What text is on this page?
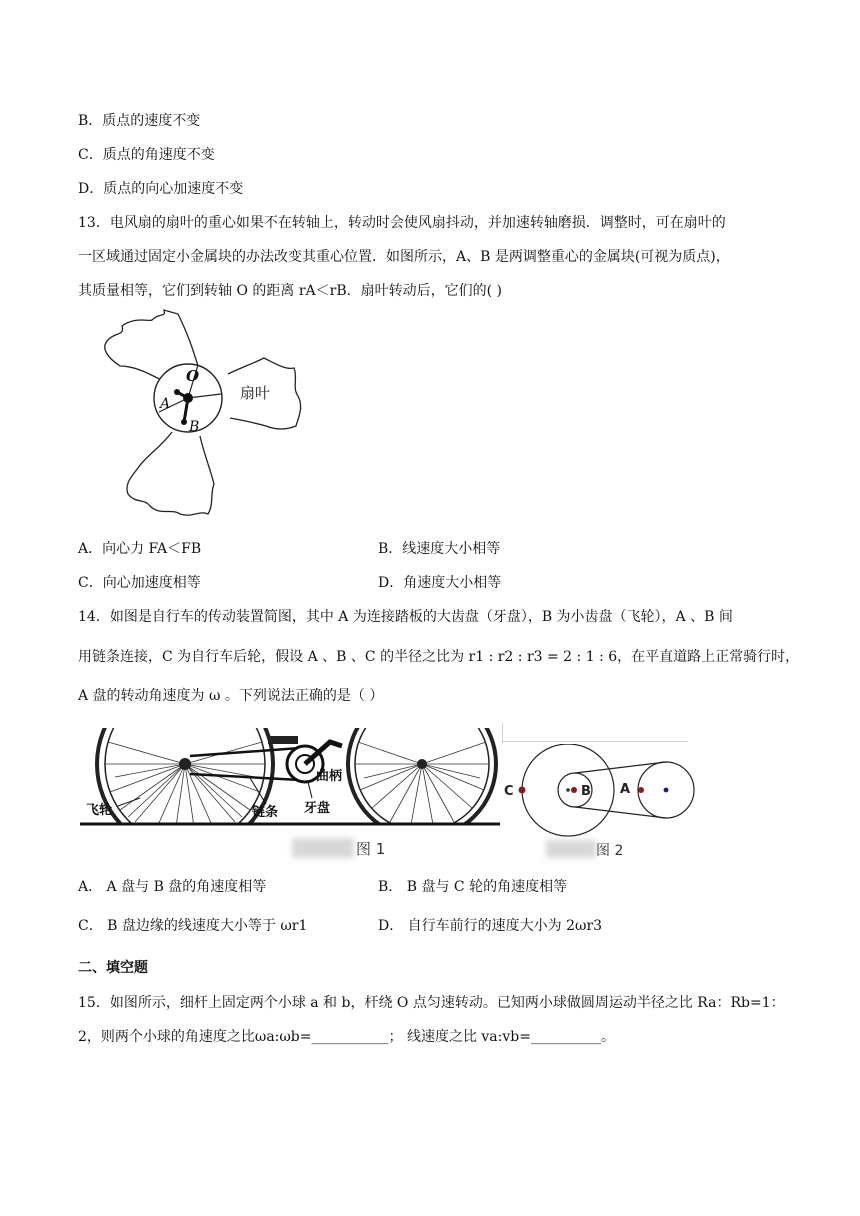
B．质点的速度不变
C．质点的角速度不变
D．质点的向心加速度不变
13．电风扇的扇叶的重心如果不在转轴上，转动时会使风扇抖动，并加速转轴磨损．调整时，可在扇叶的
一区域通过固定小金属块的办法改变其重心位置．如图所示，A、B 是两调整重心的金属块(可视为质点)，
其质量相等，它们到转轴 O 的距离 rA＜rB．扇叶转动后，它们的( )
O
A
B
扇叶
A．向心力 FA＜FB	B．线速度大小相等
C．向心加速度相等	D．角速度大小相等
14．如图是自行车的传动装置简图，其中 A 为连接踏板的大齿盘（牙盘），B 为小齿盘（飞轮），A 、B 间
用链条连接，C 为自行车后轮，假设 A 、B 、C 的半径之比为 r1 : r2 : r3 = 2 : 1 : 6，在平直道路上正常骑行时，
A 盘的转动角速度为 ω 。下列说法正确的是（ ）
曲柄
飞轮	链条 牙盘
图 1
C	B A
图 2
A． A 盘与 B 盘的角速度相等	B． B 盘与 C 轮的角速度相等
C． B 盘边缘的线速度大小等于 ωr1	D． 自行车前行的速度大小为 2ωr3
二、填空题
15．如图所示，细杆上固定两个小球 a 和 b，杆绕 O 点匀速转动。已知两小球做圆周运动半径之比 Ra：Rb=1：
2，则两个小球的角速度之比ωa:ωb=___________； 线速度之比 va:vb=__________。
